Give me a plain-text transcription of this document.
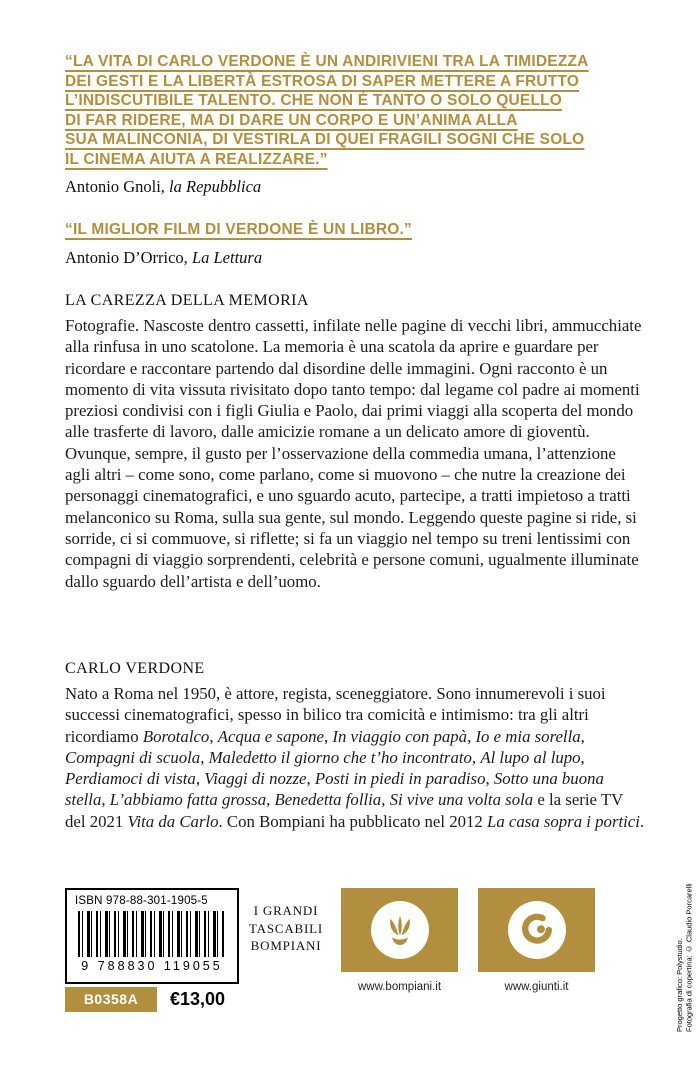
“LA VITA DI CARLO VERDONE È UN ANDIRIVIENI TRA LA TIMIDEZZA
DEI GESTI E LA LIBERTÀ ESTROSA DI SAPER METTERE A FRUTTO
L’INDISCUTIBILE TALENTO. CHE NON È TANTO O SOLO QUELLO
DI FAR RIDERE, MA DI DARE UN CORPO E UN’ANIMA ALLA
SUA MALINCONIA, DI VESTIRLA DI QUEI FRAGILI SOGNI CHE SOLO
IL CINEMA AIUTA A REALIZZARE.”

Antonio Gnoli, la Repubblica

“IL MIGLIOR FILM DI VERDONE È UN LIBRO.”

Antonio D’Orrico, La Lettura

LA CAREZZA DELLA MEMORIA

Fotografie. Nascoste dentro cassetti, infilate nelle pagine di vecchi libri, ammucchiate alla rinfusa in uno scatolone. La memoria è una scatola da aprire e guardare per ricordare e raccontare partendo dal disordine delle immagini. Ogni racconto è un momento di vita vissuta rivisitato dopo tanto tempo: dal legame col padre ai momenti preziosi condivisi con i figli Giulia e Paolo, dai primi viaggi alla scoperta del mondo alle trasferte di lavoro, dalle amicizie romane a un delicato amore di gioventù. Ovunque, sempre, il gusto per l’osservazione della commedia umana, l’attenzione agli altri – come sono, come parlano, come si muovono – che nutre la creazione dei personaggi cinematografici, e uno sguardo acuto, partecipe, a tratti impietoso a tratti melanconico su Roma, sulla sua gente, sul mondo. Leggendo queste pagine si ride, si sorride, ci si commuove, si riflette; si fa un viaggio nel tempo su treni lentissimi con compagni di viaggio sorprendenti, celebrità e persone comuni, ugualmente illuminate dallo sguardo dell’artista e dell’uomo.

CARLO VERDONE

Nato a Roma nel 1950, è attore, regista, sceneggiatore. Sono innumerevoli i suoi successi cinematografici, spesso in bilico tra comicità e intimismo: tra gli altri ricordiamo Borotalco, Acqua e sapone, In viaggio con papà, Io e mia sorella, Compagni di scuola, Maledetto il giorno che t’ho incontrato, Al lupo al lupo, Perdiamoci di vista, Viaggi di nozze, Posti in piedi in paradiso, Sotto una buona stella, L’abbiamo fatta grossa, Benedetta follia, Si vive una volta sola e la serie TV del 2021 Vita da Carlo. Con Bompiani ha pubblicato nel 2012 La casa sopra i portici.

ISBN 978-88-301-1905-5
9 788830 119055
B0358A	€13,00
I GRANDI
TASCABILI
BOMPIANI
www.bompiani.it	www.giunti.it	Progetto grafico: Polystudio. Fotografia di copertina: © Claudio Porcarelli
